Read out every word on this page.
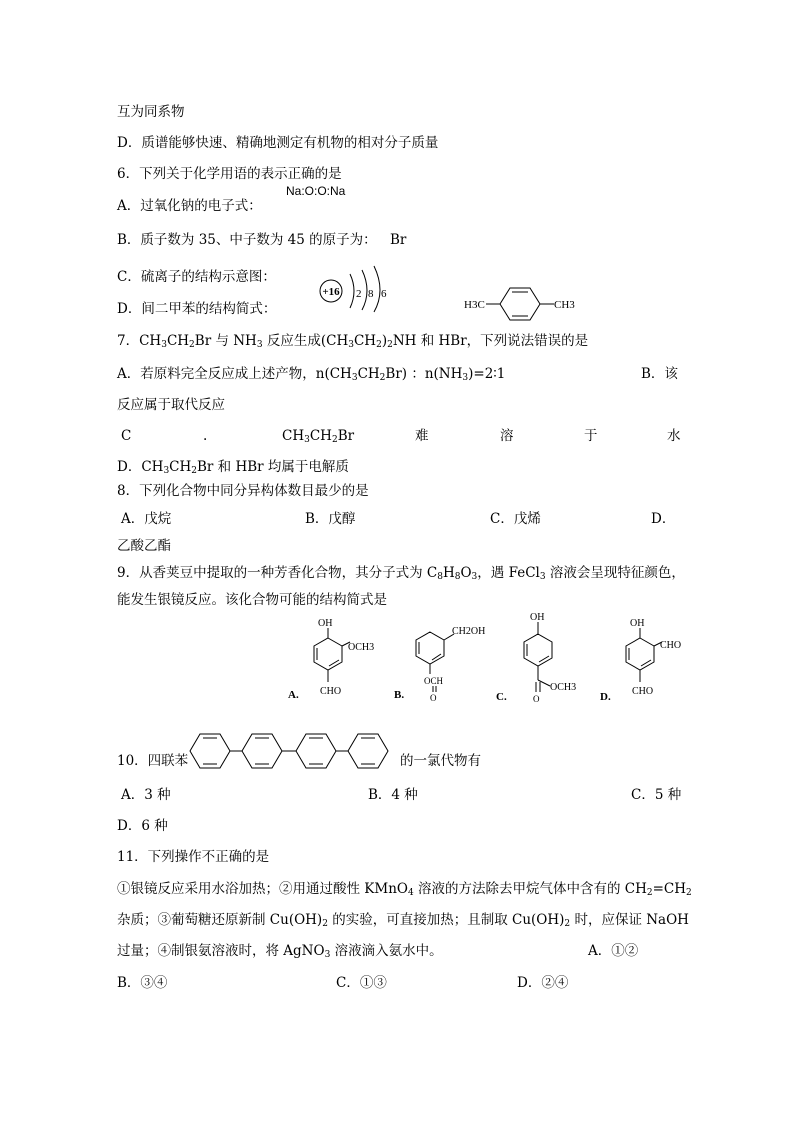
互为同系物
D．质谱能够快速、精确地测定有机物的相对分子质量
6．下列关于化学用语的表示正确的是
Na:O:O:Na
A．过氧化钠的电子式：
B．质子数为 35、中子数为 45 的原子为： Br
C．硫离子的结构示意图：
D．间二甲苯的结构简式：
+16 2 8 6
H3C	CH3
7．$CH_3CH_2Br$ 与 $NH_3$ 反应生成$(CH_3CH_2)_2NH$ 和 HBr，下列说法错误的是
A．若原料完全反应成上述产物，$n(CH_3CH_2Br)$ ：$n(NH_3)=2∶1$	B．该
反应属于取代反应
C	.	$CH_3CH_2Br$	难	溶	于	水
D．$CH_3CH_2Br$ 和 HBr 均属于电解质
8．下列化合物中同分异构体数目最少的是
A．戊烷	B．戊醇	C．戊烯	D．
乙酸乙酯
9．从香荚豆中提取的一种芳香化合物，其分子式为 $C_8H_8O_3$，遇 FeCl$_3$ 溶液会呈现特征颜色，
能发生银镜反应。该化合物可能的结构简式是
OH
OCH3
CHO
A.
CH2OH
OCH
O
B.
OH
OCH3
O
C.
OH
CHO
CHO
D.
10．四联苯	的一氯代物有
A．3 种	B．4 种	C．5 种
D．6 种
11．下列操作不正确的是
①银镜反应采用水浴加热；②用通过酸性 KMnO$_4$ 溶液的方法除去甲烷气体中含有的 $CH_2=CH_2$
杂质；③葡萄糖还原新制 $Cu(OH)_2$ 的实验，可直接加热；且制取 $Cu(OH)_2$ 时，应保证 NaOH
过量；④制银氨溶液时，将 AgNO$_3$ 溶液滴入氨水中。	A．①②
B．③④	C．①③	D．②④
